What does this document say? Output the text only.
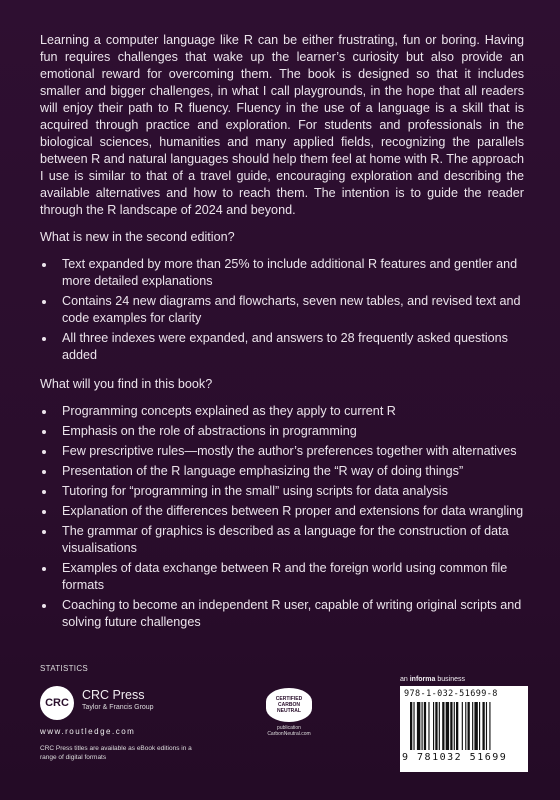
Learning a computer language like R can be either frustrating, fun or boring. Having fun requires challenges that wake up the learner’s curiosity but also provide an emotional reward for overcoming them. The book is designed so that it includes smaller and bigger challenges, in what I call playgrounds, in the hope that all readers will enjoy their path to R fluency. Fluency in the use of a language is a skill that is acquired through practice and exploration. For students and professionals in the biological sciences, humanities and many applied fields, recognizing the parallels between R and natural languages should help them feel at home with R. The approach I use is similar to that of a travel guide, encouraging exploration and describing the available alternatives and how to reach them. The intention is to guide the reader through the R landscape of 2024 and beyond.

What is new in the second edition?

Text expanded by more than 25% to include additional R features and gentler and more detailed explanations
Contains 24 new diagrams and flowcharts, seven new tables, and revised text and code examples for clarity
All three indexes were expanded, and answers to 28 frequently asked questions added

What will you find in this book?

Programming concepts explained as they apply to current R
Emphasis on the role of abstractions in programming
Few prescriptive rules—mostly the author’s preferences together with alternatives
Presentation of the R language emphasizing the “R way of doing things”
Tutoring for “programming in the small” using scripts for data analysis
Explanation of the differences between R proper and extensions for data wrangling
The grammar of graphics is described as a language for the construction of data visualisations
Examples of data exchange between R and the foreign world using common file formats
Coaching to become an independent R user, capable of writing original scripts and solving future challenges
STATISTICS
CRC
CRC Press
Taylor & Francis Group
www.routledge.com
CRC Press titles are available as eBook editions in a range of digital formats
CERTIFIED
CARBON
NEUTRAL
publication
CarbonNeutral.com
an informa business
978-1-032-51699-8
9 781032 51699
